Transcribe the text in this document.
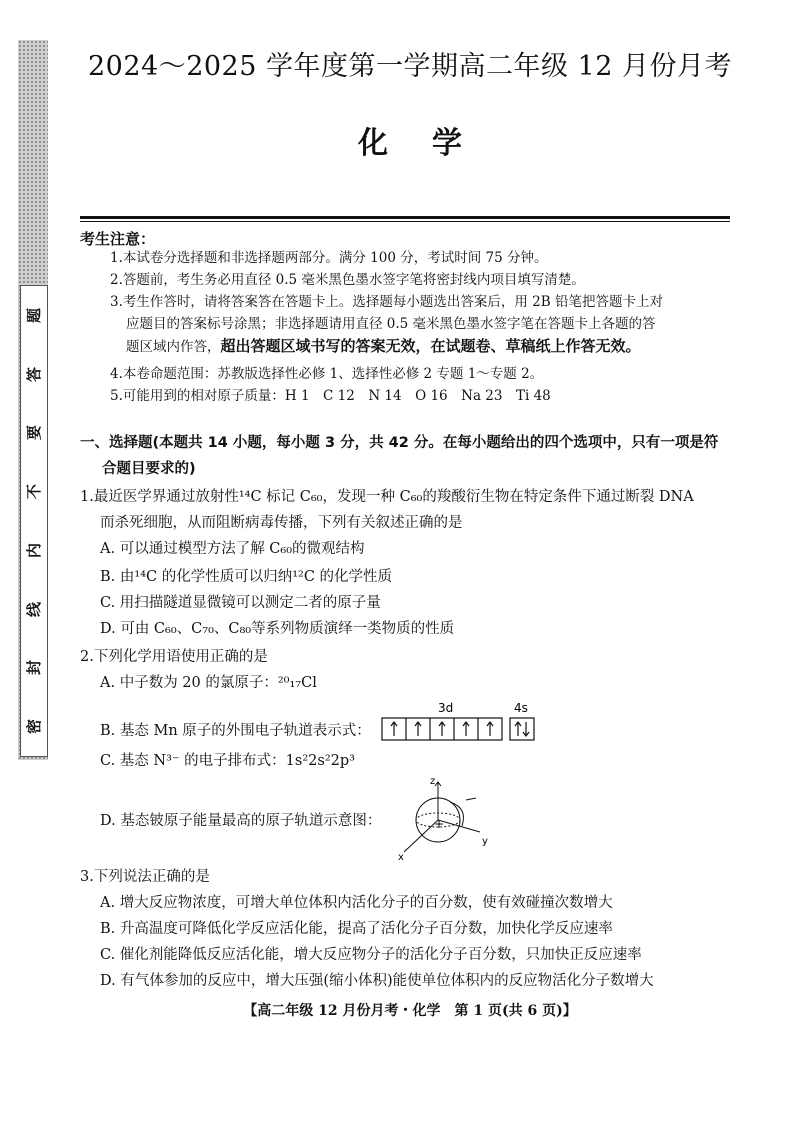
题
答
要
不
内
线
封
密
2024～2025 学年度第一学期高二年级 12 月份月考
化 学
考生注意：
1.本试卷分选择题和非选择题两部分。满分 100 分，考试时间 75 分钟。
2.答题前，考生务必用直径 0.5 毫米黑色墨水签字笔将密封线内项目填写清楚。
3.考生作答时，请将答案答在答题卡上。选择题每小题选出答案后，用 2B 铅笔把答题卡上对
应题目的答案标号涂黑；非选择题请用直径 0.5 毫米黑色墨水签字笔在答题卡上各题的答
题区域内作答，超出答题区域书写的答案无效，在试题卷、草稿纸上作答无效。
4.本卷命题范围：苏教版选择性必修 1、选择性必修 2 专题 1～专题 2。
5.可能用到的相对原子质量：H 1　C 12　N 14　O 16　Na 23　Ti 48
一、选择题(本题共 14 小题，每小题 3 分，共 42 分。在每小题给出的四个选项中，只有一项是符
合题目要求的)
1.最近医学界通过放射性¹⁴C 标记 C₆₀，发现一种 C₆₀的羧酸衍生物在特定条件下通过断裂 DNA
而杀死细胞，从而阻断病毒传播，下列有关叙述正确的是
A. 可以通过模型方法了解 C₆₀的微观结构
B. 由¹⁴C 的化学性质可以归纳¹²C 的化学性质
C. 用扫描隧道显微镜可以测定二者的原子量
D. 可由 C₆₀、C₇₀、C₈₀等系列物质演绎一类物质的性质
2.下列化学用语使用正确的是
A. 中子数为 20 的氯原子：²⁰₁₇Cl
B. 基态 Mn 原子的外围电子轨道表示式：
3d	4s
C. 基态 N³⁻ 的电子排布式：1s²2s²2p³
D. 基态铍原子能量最高的原子轨道示意图：	+
z
y
x
3.下列说法正确的是
A. 增大反应物浓度，可增大单位体积内活化分子的百分数，使有效碰撞次数增大
B. 升高温度可降低化学反应活化能，提高了活化分子百分数，加快化学反应速率
C. 催化剂能降低反应活化能，增大反应物分子的活化分子百分数，只加快正反应速率
D. 有气体参加的反应中，增大压强(缩小体积)能使单位体积内的反应物活化分子数增大
【高二年级 12 月份月考・化学　第 1 页(共 6 页)】
